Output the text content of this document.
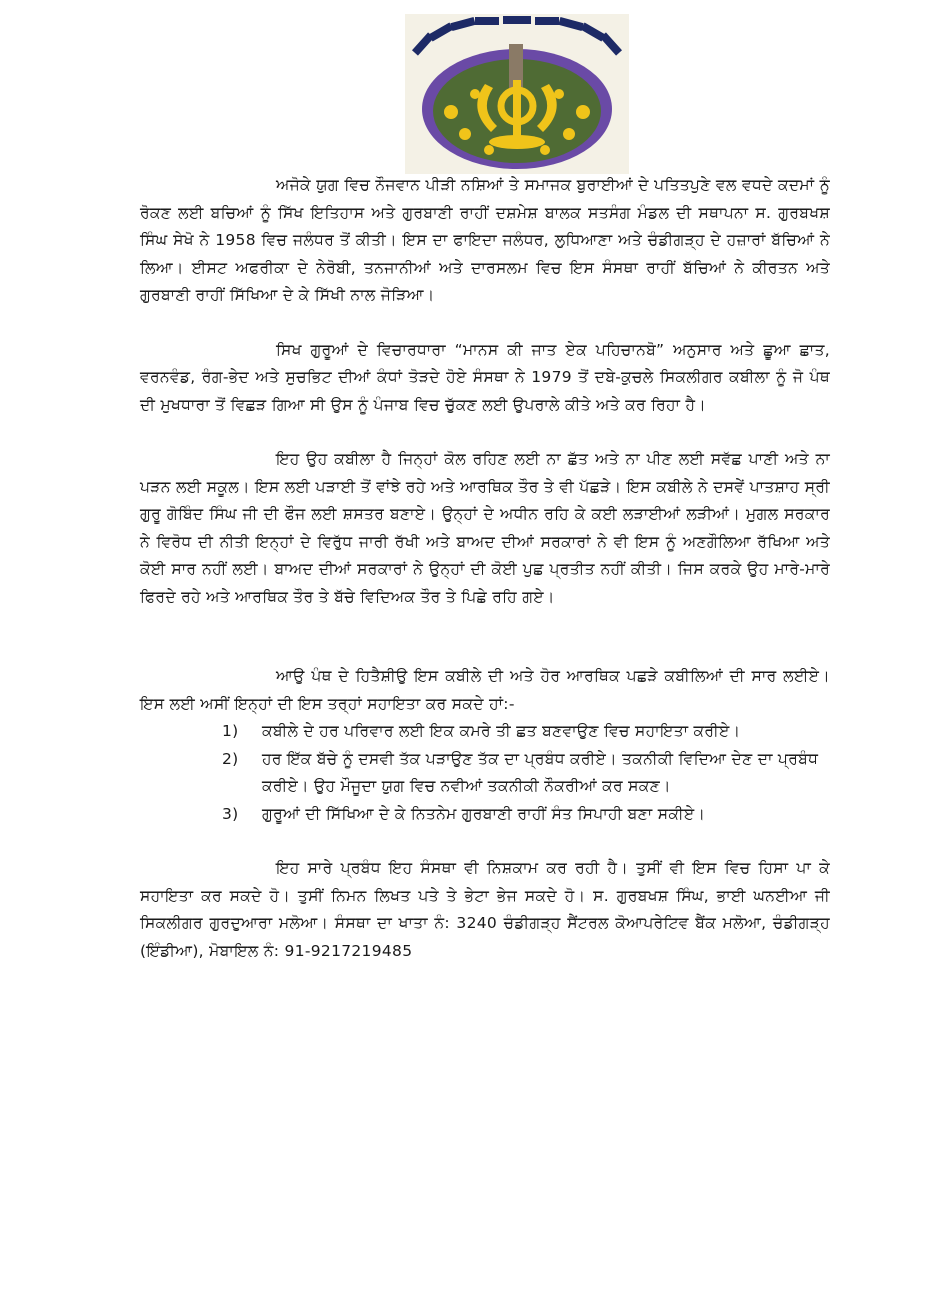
ਅਜੋਕੇ ਯੁਗ ਵਿਚ ਨੌਜਵਾਨ ਪੀੜੀ ਨਸ਼ਿਆਂ ਤੇ ਸਮਾਜਕ ਬੁਰਾਈਆਂ ਦੇ ਪਤਿਤਪੁਣੇ ਵਲ ਵਧਦੇ ਕਦਮਾਂ ਨੂੰ ਰੋਕਣ ਲਈ ਬਚਿਆਂ ਨੂੰ ਸਿੱਖ ਇਤਿਹਾਸ ਅਤੇ ਗੁਰਬਾਣੀ ਰਾਹੀਂ ਦਸ਼ਮੇਸ਼ ਬਾਲਕ ਸਤਸੰਗ ਮੰਡਲ ਦੀ ਸਥਾਪਨਾ ਸ. ਗੁਰਬਖਸ਼ ਸਿੰਘ ਸੇਖੋ ਨੇ 1958 ਵਿਚ ਜਲੰਧਰ ਤੋਂ ਕੀਤੀ। ਇਸ ਦਾ ਫਾਇਦਾ ਜਲੰਧਰ, ਲੁਧਿਆਣਾ ਅਤੇ ਚੰਡੀਗੜ੍ਹ ਦੇ ਹਜ਼ਾਰਾਂ ਬੱਚਿਆਂ ਨੇ ਲਿਆ। ਈਸਟ ਅਫਰੀਕਾ ਦੇ ਨੇਰੋਬੀ, ਤਨਜਾਨੀਆਂ ਅਤੇ ਦਾਰਸਲਮ ਵਿਚ ਇਸ ਸੰਸਥਾ ਰਾਹੀਂ ਬੱਚਿਆਂ ਨੇ ਕੀਰਤਨ ਅਤੇ ਗੁਰਬਾਣੀ ਰਾਹੀਂ ਸਿੱਖਿਆ ਦੇ ਕੇ ਸਿੱਖੀ ਨਾਲ ਜੋੜਿਆ।

ਸਿਖ ਗੁਰੂਆਂ ਦੇ ਵਿਚਾਰਧਾਰਾ “ਮਾਨਸ ਕੀ ਜਾਤ ਏਕ ਪਹਿਚਾਨਬੋ” ਅਨੁਸਾਰ ਅਤੇ ਛੂਆ ਛਾਤ, ਵਰਨਵੰਡ, ਰੰਗ-ਭੇਦ ਅਤੇ ਸੁਚਭਿਟ ਦੀਆਂ ਕੰਧਾਂ ਤੋੜਦੇ ਹੋਏ ਸੰਸਥਾ ਨੇ 1979 ਤੋਂ ਦਬੇ-ਕੁਚਲੇ ਸਿਕਲੀਗਰ ਕਬੀਲਾ ਨੂੰ ਜੋ ਪੰਥ ਦੀ ਮੁਖਧਾਰਾ ਤੋਂ ਵਿਛੜ ਗਿਆ ਸੀ ਉਸ ਨੂੰ ਪੰਜਾਬ ਵਿਚ ਚੁੱਕਣ ਲਈ ਉਪਰਾਲੇ ਕੀਤੇ ਅਤੇ ਕਰ ਰਿਹਾ ਹੈ।

ਇਹ ਉਹ ਕਬੀਲਾ ਹੈ ਜਿਨ੍ਹਾਂ ਕੋਲ ਰਹਿਣ ਲਈ ਨਾ ਛੱਤ ਅਤੇ ਨਾ ਪੀਣ ਲਈ ਸਵੱਛ ਪਾਣੀ ਅਤੇ ਨਾ ਪੜਨ ਲਈ ਸਕੂਲ। ਇਸ ਲਈ ਪੜਾਈ ਤੋਂ ਵਾਂਝੇ ਰਹੇ ਅਤੇ ਆਰਥਿਕ ਤੌਰ ਤੇ ਵੀ ਪੱਛੜੇ। ਇਸ ਕਬੀਲੇ ਨੇ ਦਸਵੇਂ ਪਾਤਸ਼ਾਹ ਸ੍ਰੀ ਗੁਰੂ ਗੋਬਿੰਦ ਸਿੰਘ ਜੀ ਦੀ ਫੌਜ ਲਈ ਸ਼ਸਤਰ ਬਣਾਏ। ਉਨ੍ਹਾਂ ਦੇ ਅਧੀਨ ਰਹਿ ਕੇ ਕਈ ਲੜਾਈਆਂ ਲੜੀਆਂ। ਮੁਗਲ ਸਰਕਾਰ ਨੇ ਵਿਰੋਧ ਦੀ ਨੀਤੀ ਇਨ੍ਹਾਂ ਦੇ ਵਿਰੁੱਧ ਜਾਰੀ ਰੱਖੀ ਅਤੇ ਬਾਅਦ ਦੀਆਂ ਸਰਕਾਰਾਂ ਨੇ ਵੀ ਇਸ ਨੂੰ ਅਣਗੌਲਿਆ ਰੱਖਿਆ ਅਤੇ ਕੋਈ ਸਾਰ ਨਹੀਂ ਲਈ। ਬਾਅਦ ਦੀਆਂ ਸਰਕਾਰਾਂ ਨੇ ਉਨ੍ਹਾਂ ਦੀ ਕੋਈ ਪੁਛ ਪ੍ਰਤੀਤ ਨਹੀਂ ਕੀਤੀ। ਜਿਸ ਕਰਕੇ ਉਹ ਮਾਰੇ-ਮਾਰੇ ਫਿਰਦੇ ਰਹੇ ਅਤੇ ਆਰਥਿਕ ਤੌਰ ਤੇ ਬੱਚੇ ਵਿਦਿਅਕ ਤੌਰ ਤੇ ਪਿਛੇ ਰਹਿ ਗਏ।

ਆਉ ਪੰਥ ਦੇ ਹਿਤੈਸ਼ੀਉ ਇਸ ਕਬੀਲੇ ਦੀ ਅਤੇ ਹੋਰ ਆਰਥਿਕ ਪਛੜੇ ਕਬੀਲਿਆਂ ਦੀ ਸਾਰ ਲਈਏ। ਇਸ ਲਈ ਅਸੀਂ ਇਨ੍ਹਾਂ ਦੀ ਇਸ ਤਰ੍ਹਾਂ ਸਹਾਇਤਾ ਕਰ ਸਕਦੇ ਹਾਂ:-

1)	ਕਬੀਲੇ ਦੇ ਹਰ ਪਰਿਵਾਰ ਲਈ ਇਕ ਕਮਰੇ ਤੀ ਛਤ ਬਣਵਾਉਣ ਵਿਚ ਸਹਾਇਤਾ ਕਰੀਏ।
2)	ਹਰ ਇੱਕ ਬੱਚੇ ਨੂੰ ਦਸਵੀ ਤੱਕ ਪੜਾਉਣ ਤੱਕ ਦਾ ਪ੍ਰਬੰਧ ਕਰੀਏ। ਤਕਨੀਕੀ ਵਿਦਿਆ ਦੇਣ ਦਾ ਪ੍ਰਬੰਧ ਕਰੀਏ। ਉਹ ਮੌਜੂਦਾ ਯੁਗ ਵਿਚ ਨਵੀਆਂ ਤਕਨੀਕੀ ਨੌਕਰੀਆਂ ਕਰ ਸਕਣ।
3)	ਗੁਰੂਆਂ ਦੀ ਸਿੱਖਿਆ ਦੇ ਕੇ ਨਿਤਨੇਮ ਗੁਰਬਾਣੀ ਰਾਹੀਂ ਸੰਤ ਸਿਪਾਹੀ ਬਣਾ ਸਕੀਏ।

ਇਹ ਸਾਰੇ ਪ੍ਰਬੰਧ ਇਹ ਸੰਸਥਾ ਵੀ ਨਿਸ਼ਕਾਮ ਕਰ ਰਹੀ ਹੈ। ਤੁਸੀਂ ਵੀ ਇਸ ਵਿਚ ਹਿਸਾ ਪਾ ਕੇ ਸਹਾਇਤਾ ਕਰ ਸਕਦੇ ਹੋ। ਤੁਸੀਂ ਨਿਮਨ ਲਿਖਤ ਪਤੇ ਤੇ ਭੇਟਾ ਭੇਜ ਸਕਦੇ ਹੋ। ਸ. ਗੁਰਬਖਸ਼ ਸਿੰਘ, ਭਾਈ ਘਨਈਆ ਜੀ ਸਿਕਲੀਗਰ ਗੁਰਦੁਆਰਾ ਮਲੋਆ। ਸੰਸਥਾ ਦਾ ਖਾਤਾ ਨੰ: 3240 ਚੰਡੀਗੜ੍ਹ ਸੈਂਟਰਲ ਕੋਆਪਰੇਟਿਵ ਬੈਂਕ ਮਲੋਆ, ਚੰਡੀਗੜ੍ਹ (ਇੰਡੀਆ), ਮੋਬਾਇਲ ਨੰ: 91-9217219485
